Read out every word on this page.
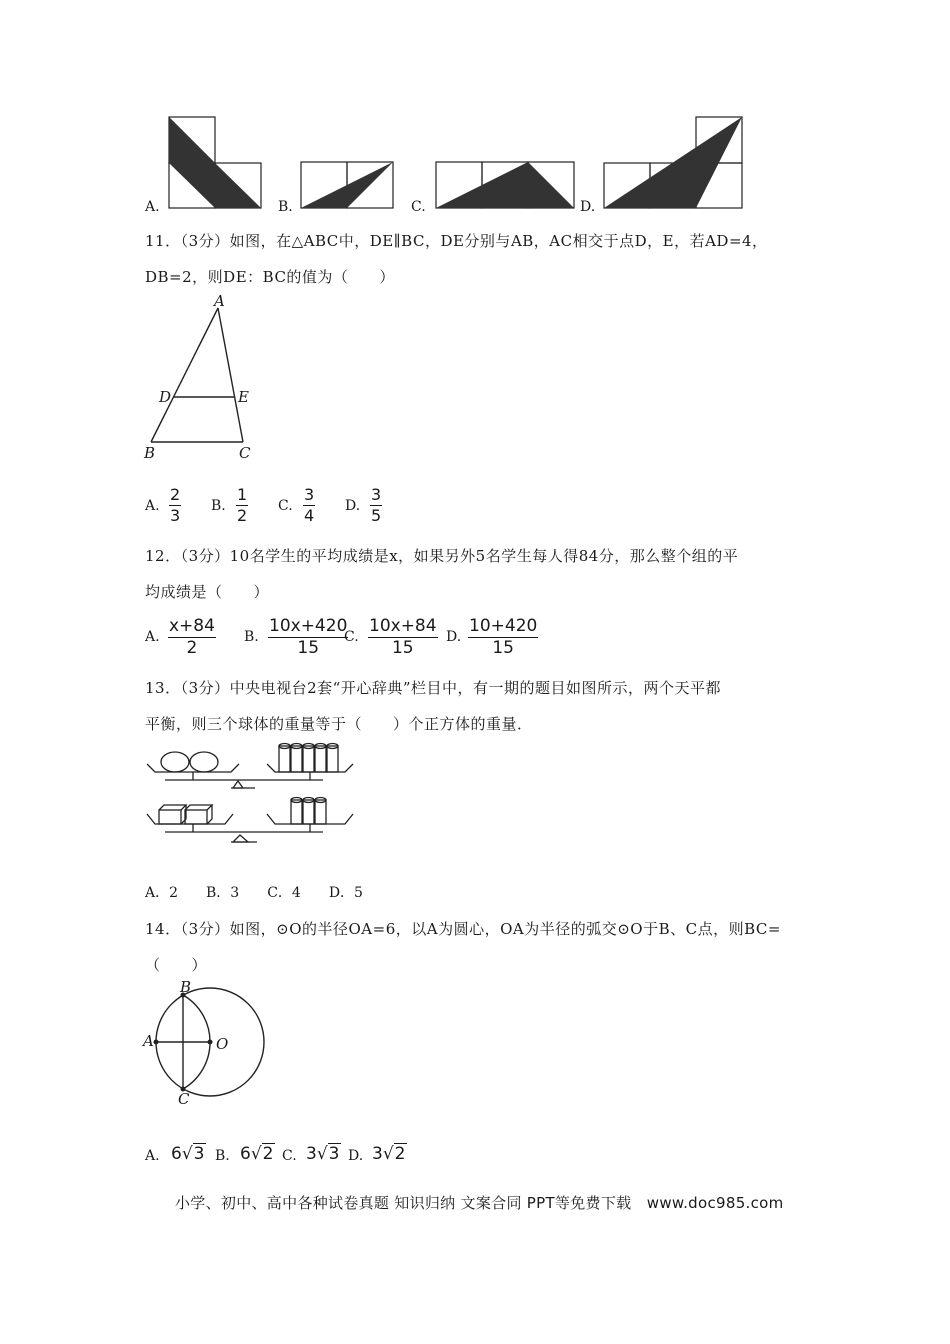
A.	B.	C.	D.
11．（3分）如图，在△ABC中，DE∥BC，DE分别与AB，AC相交于点D，E，若AD=4，
DB=2，则DE：BC的值为（　　）
A
D	E
B	C
A. $\frac{2}{3} B$. $\frac{1}{2} C$. $\frac{3}{4} D$. $\frac{3}{5}$
12．（3分）10名学生的平均成绩是x，如果另外5名学生每人得84分，那么整个组的平
均成绩是（　　）
A. $\frac{x+84}{2} B$. $\frac{10x+420}{15}$
C. $\frac{10x+84}{15} D$. $\frac{10+420}{15}$
13．（3分）中央电视台2套“开心辞典”栏目中，有一期的题目如图所示，两个天平都
平衡，则三个球体的重量等于（　　）个正方体的重量．
A．2　　B．3　　C．4　　D．5
14．（3分）如图，⊙O的半径OA=6，以A为圆心，OA为半径的弧交⊙O于B、C点，则BC=
（　　）
B
A	O
C
A. 6√3 B. 6√2 C. 3√3 D. 3√2
小学、初中、高中各种试卷真题 知识归纳 文案合同 PPT等免费下载　www.doc985.com
